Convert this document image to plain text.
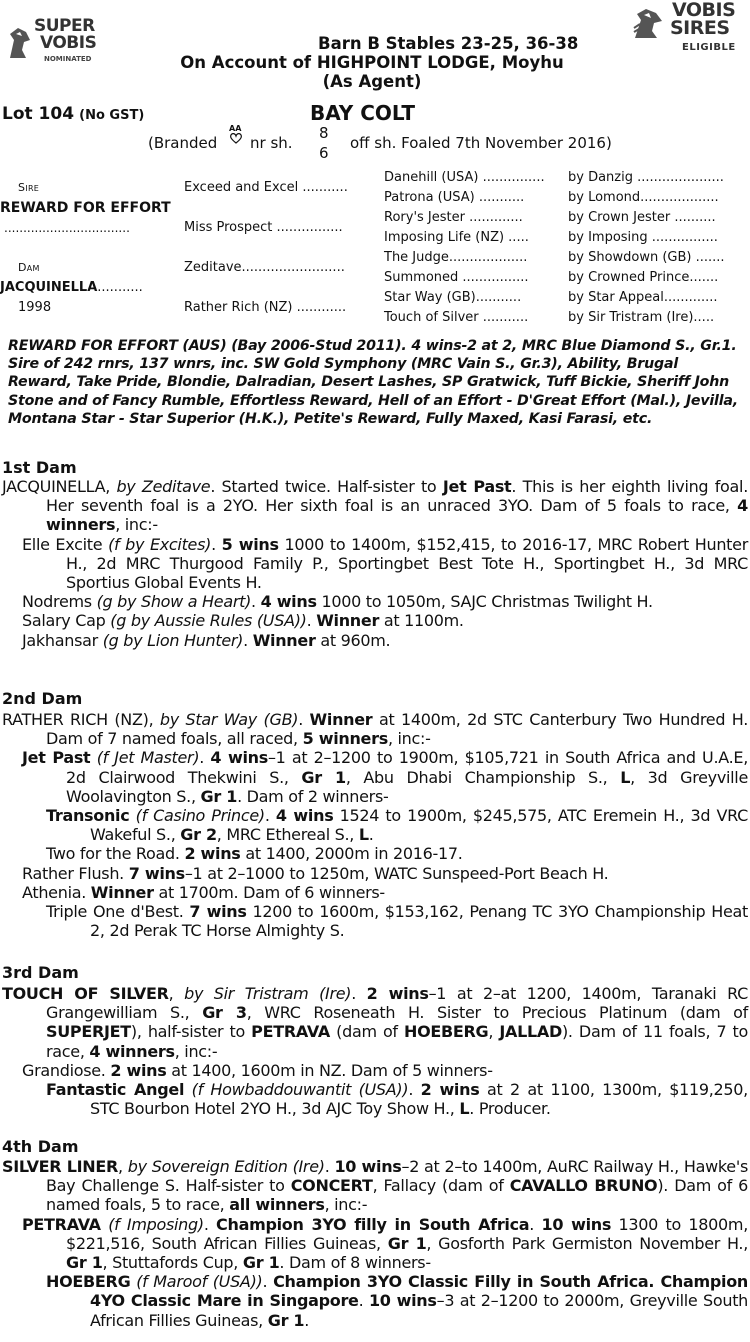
SUPER
VOBIS
NOMINATED
VOBIS
SIRES
ELIGIBLE
Barn B Stables 23-25, 36-38
On Account of HIGHPOINT LODGE, Moyhu
(As Agent)
Lot 104 (No GST)	BAY COLT
(Branded
AA
nr sh.
8
6
off sh. Foaled 7th November 2016)
Sire
REWARD FOR EFFORT
.................................
Dam
JACQUINELLA...........
1998
Exceed and Excel ...........
Miss Prospect ................
Zeditave.........................
Rather Rich (NZ) ............
Danehill (USA) ...............
Patrona (USA) ...........
Rory's Jester .............
Imposing Life (NZ) .....
The Judge...................
Summoned ................
Star Way (GB)...........
Touch of Silver ...........
by Danzig .....................
by Lomond...................
by Crown Jester ..........
by Imposing ................
by Showdown (GB) .......
by Crowned Prince.......
by Star Appeal.............
by Sir Tristram (Ire).....
REWARD FOR EFFORT (AUS) (Bay 2006-Stud 2011). 4 wins-2 at 2, MRC Blue Diamond S., Gr.1. Sire of 242 rnrs, 137 wnrs, inc. SW Gold Symphony (MRC Vain S., Gr.3), Ability, Brugal Reward, Take Pride, Blondie, Dalradian, Desert Lashes, SP Gratwick, Tuff Bickie, Sheriff John Stone and of Fancy Rumble, Effortless Reward, Hell of an Effort - D'Great Effort (Mal.), Jevilla, Montana Star - Star Superior (H.K.), Petite's Reward, Fully Maxed, Kasi Farasi, etc.
1st Dam

JACQUINELLA, by Zeditave. Started twice. Half-sister to Jet Past. This is her eighth living foal. Her seventh foal is a 2YO. Her sixth foal is an unraced 3YO. Dam of 5 foals to race, 4 winners, inc:-

Elle Excite (f by Excites). 5 wins 1000 to 1400m, $152,415, to 2016-17, MRC Robert Hunter H., 2d MRC Thurgood Family P., Sportingbet Best Tote H., Sportingbet H., 3d MRC Sportius Global Events H.

Nodrems (g by Show a Heart). 4 wins 1000 to 1050m, SAJC Christmas Twilight H.

Salary Cap (g by Aussie Rules (USA)). Winner at 1100m.

Jakhansar (g by Lion Hunter). Winner at 960m.

2nd Dam

RATHER RICH (NZ), by Star Way (GB). Winner at 1400m, 2d STC Canterbury Two Hundred H. Dam of 7 named foals, all raced, 5 winners, inc:-

Jet Past (f Jet Master). 4 wins–1 at 2–1200 to 1900m, $105,721 in South Africa and U.A.E, 2d Clairwood Thekwini S., Gr 1, Abu Dhabi Championship S., L, 3d Greyville Woolavington S., Gr 1. Dam of 2 winners-

Transonic (f Casino Prince). 4 wins 1524 to 1900m, $245,575, ATC Eremein H., 3d VRC Wakeful S., Gr 2, MRC Ethereal S., L.

Two for the Road. 2 wins at 1400, 2000m in 2016-17.

Rather Flush. 7 wins–1 at 2–1000 to 1250m, WATC Sunspeed-Port Beach H.

Athenia. Winner at 1700m. Dam of 6 winners-

Triple One d'Best. 7 wins 1200 to 1600m, $153,162, Penang TC 3YO Championship Heat 2, 2d Perak TC Horse Almighty S.

3rd Dam

TOUCH OF SILVER, by Sir Tristram (Ire). 2 wins–1 at 2–at 1200, 1400m, Taranaki RC Grangewilliam S., Gr 3, WRC Roseneath H. Sister to Precious Platinum (dam of SUPERJET), half-sister to PETRAVA (dam of HOEBERG, JALLAD). Dam of 11 foals, 7 to race, 4 winners, inc:-

Grandiose. 2 wins at 1400, 1600m in NZ. Dam of 5 winners-

Fantastic Angel (f Howbaddouwantit (USA)). 2 wins at 2 at 1100, 1300m, $119,250, STC Bourbon Hotel 2YO H., 3d AJC Toy Show H., L. Producer.

4th Dam

SILVER LINER, by Sovereign Edition (Ire). 10 wins–2 at 2–to 1400m, AuRC Railway H., Hawke's Bay Challenge S. Half-sister to CONCERT, Fallacy (dam of CAVALLO BRUNO). Dam of 6 named foals, 5 to race, all winners, inc:-

PETRAVA (f Imposing). Champion 3YO filly in South Africa. 10 wins 1300 to 1800m, $221,516, South African Fillies Guineas, Gr 1, Gosforth Park Germiston November H., Gr 1, Stuttafords Cup, Gr 1. Dam of 8 winners-

HOEBERG (f Maroof (USA)). Champion 3YO Classic Filly in South Africa. Champion 4YO Classic Mare in Singapore. 10 wins–3 at 2–1200 to 2000m, Greyville South African Fillies Guineas, Gr 1.
